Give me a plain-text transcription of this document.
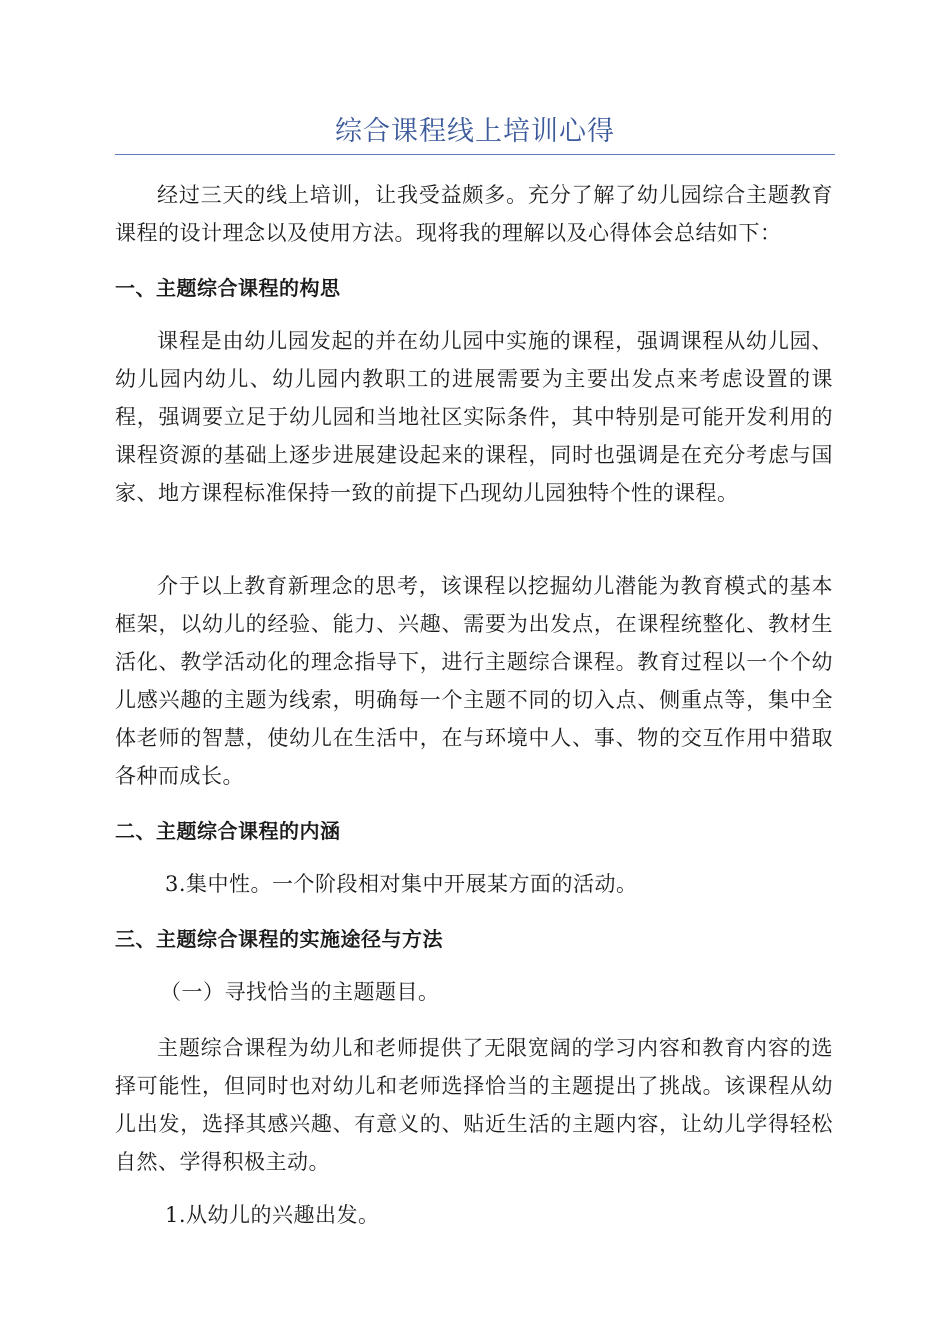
综合课程线上培训心得
经过三天的线上培训，让我受益颇多。充分了解了幼儿园综合主题教育课程的设计理念以及使用方法。现将我的理解以及心得体会总结如下：
一、主题综合课程的构思
课程是由幼儿园发起的并在幼儿园中实施的课程，强调课程从幼儿园、幼儿园内幼儿、幼儿园内教职工的进展需要为主要出发点来考虑设置的课程，强调要立足于幼儿园和当地社区实际条件，其中特别是可能开发利用的课程资源的基础上逐步进展建设起来的课程，同时也强调是在充分考虑与国家、地方课程标准保持一致的前提下凸现幼儿园独特个性的课程。
介于以上教育新理念的思考，该课程以挖掘幼儿潜能为教育模式的基本框架，以幼儿的经验、能力、兴趣、需要为出发点，在课程统整化、教材生活化、教学活动化的理念指导下，进行主题综合课程。教育过程以一个个幼儿感兴趣的主题为线索，明确每一个主题不同的切入点、侧重点等，集中全体老师的智慧，使幼儿在生活中，在与环境中人、事、物的交互作用中猎取各种而成长。
二、主题综合课程的内涵
3.集中性。一个阶段相对集中开展某方面的活动。
三、主题综合课程的实施途径与方法
（一）寻找恰当的主题题目。
主题综合课程为幼儿和老师提供了无限宽阔的学习内容和教育内容的选择可能性，但同时也对幼儿和老师选择恰当的主题提出了挑战。该课程从幼儿出发，选择其感兴趣、有意义的、贴近生活的主题内容，让幼儿学得轻松自然、学得积极主动。
1.从幼儿的兴趣出发。
